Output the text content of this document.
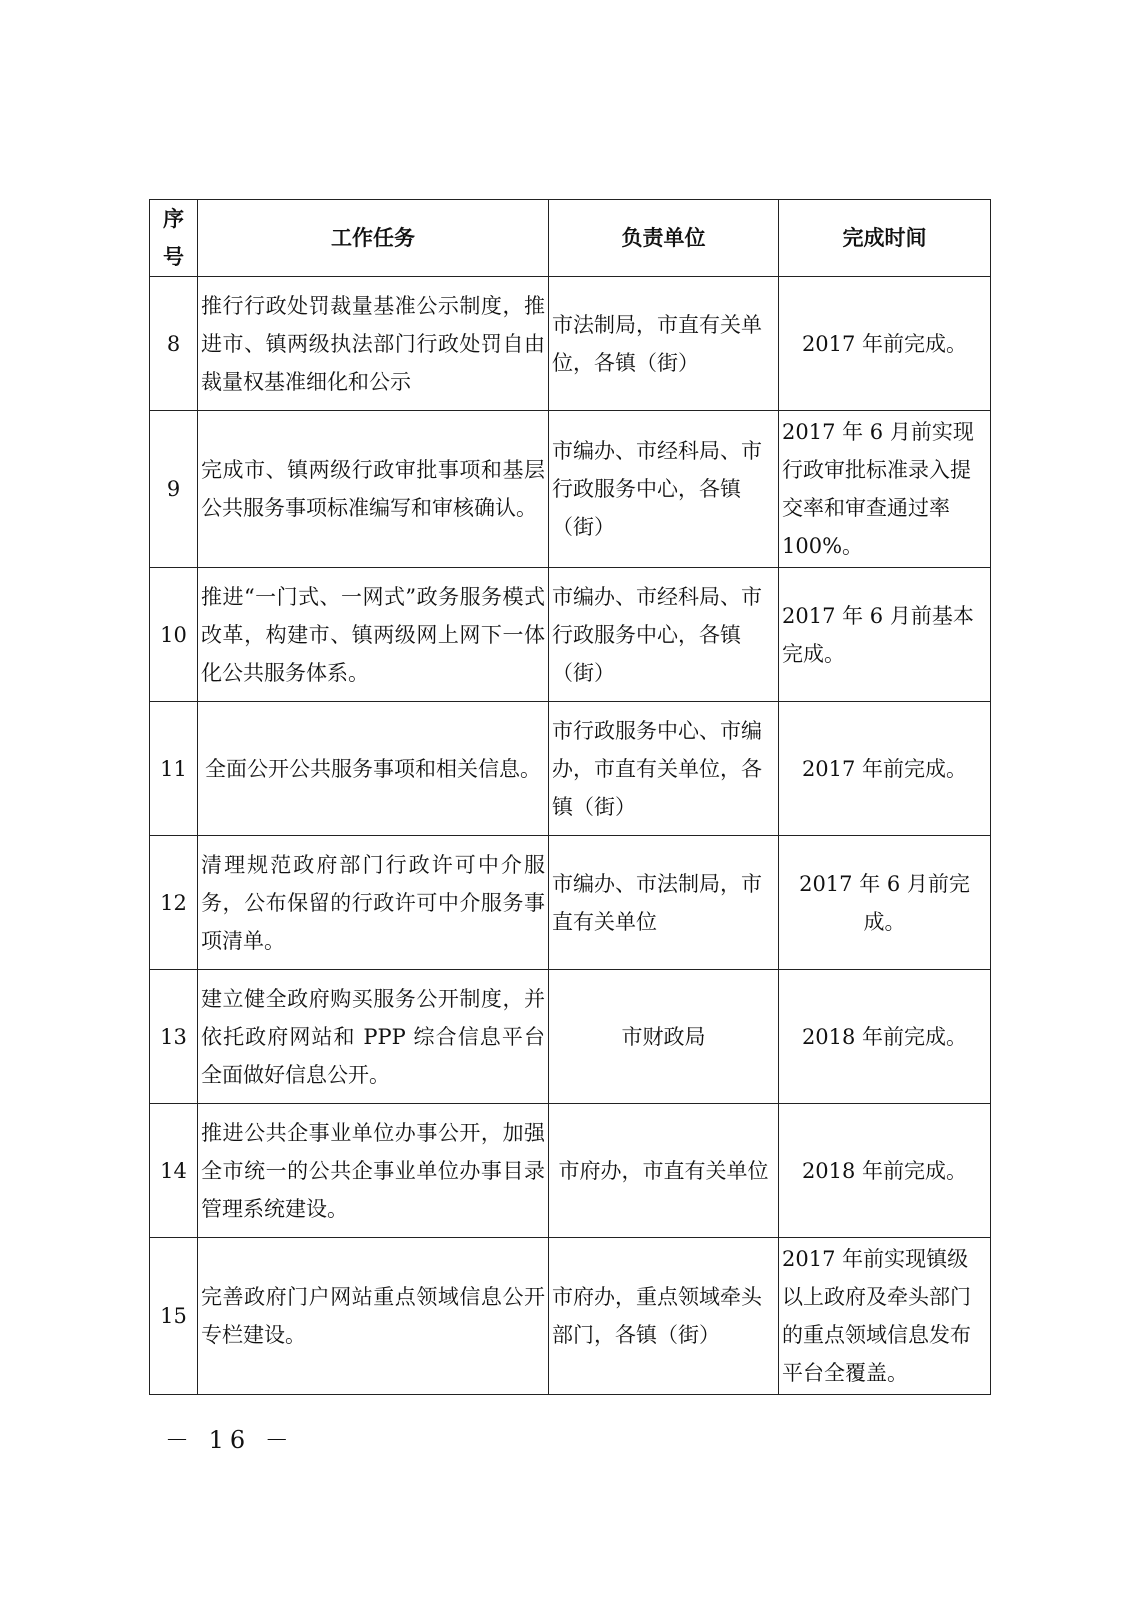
序号	工作任务	负责单位	完成时间
8	推行行政处罚裁量基准公示制度，推进市、镇两级执法部门行政处罚自由裁量权基准细化和公示	市法制局，市直有关单位，各镇（街）	2017 年前完成。
9	完成市、镇两级行政审批事项和基层公共服务事项标准编写和审核确认。	市编办、市经科局、市行政服务中心，各镇（街）	2017 年 6 月前实现行政审批标准录入提交率和审查通过率 100%。
10	推进“一门式、一网式”政务服务模式改革，构建市、镇两级网上网下一体化公共服务体系。	市编办、市经科局、市行政服务中心，各镇（街）	2017 年 6 月前基本完成。
11	全面公开公共服务事项和相关信息。	市行政服务中心、市编办，市直有关单位，各镇（街）	2017 年前完成。
12	清理规范政府部门行政许可中介服务，公布保留的行政许可中介服务事项清单。	市编办、市法制局，市直有关单位	2017 年 6 月前完成。
13	建立健全政府购买服务公开制度，并依托政府网站和 PPP 综合信息平台全面做好信息公开。	市财政局	2018 年前完成。
14	推进公共企事业单位办事公开，加强全市统一的公共企事业单位办事目录管理系统建设。	市府办，市直有关单位	2018 年前完成。
15	完善政府门户网站重点领域信息公开专栏建设。	市府办，重点领域牵头部门，各镇（街）	2017 年前实现镇级以上政府及牵头部门的重点领域信息发布平台全覆盖。
－ 16 －
